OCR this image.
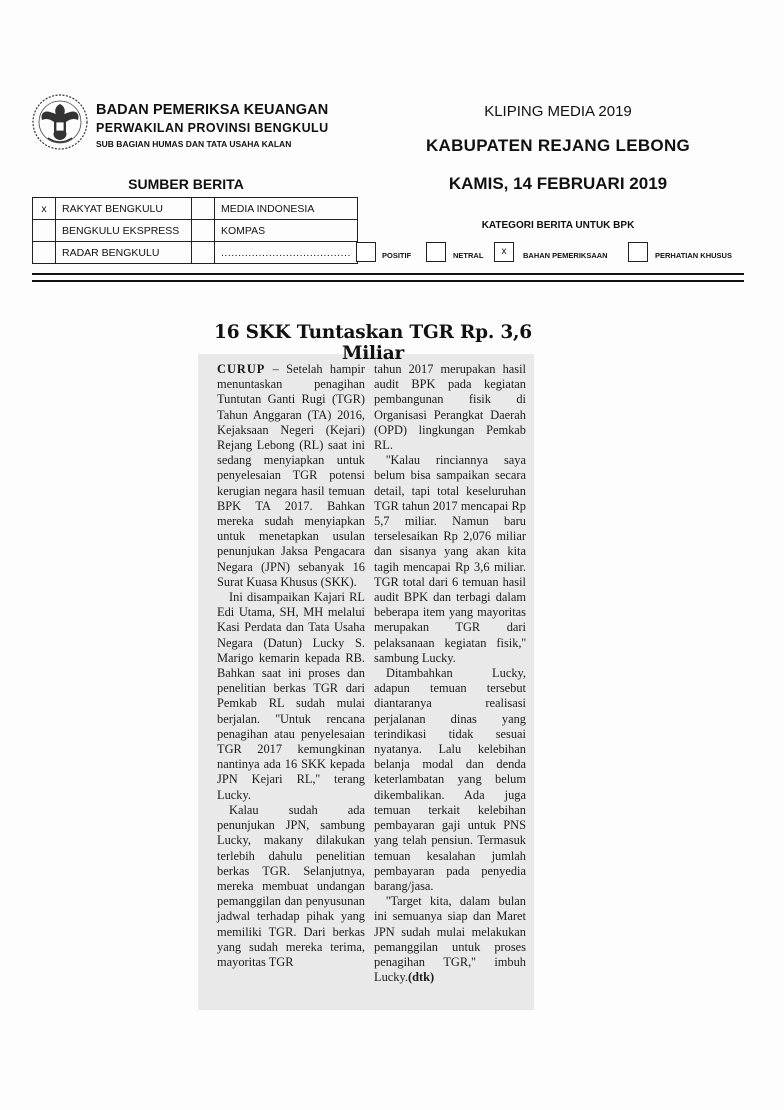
BADAN PEMERIKSA KEUANGAN
PERWAKILAN PROVINSI BENGKULU
SUB BAGIAN HUMAS DAN TATA USAHA KALAN
KLIPING MEDIA 2019
KABUPATEN REJANG LEBONG
KAMIS, 14 FEBRUARI 2019
SUMBER BERITA
x	RAKYAT BENGKULU		MEDIA INDONESIA
	BENGKULU EKSPRESS		KOMPAS
	RADAR BENGKULU		......................................
KATEGORI BERITA UNTUK BPK
POSITIF	NETRAL	x	BAHAN PEMERIKSAAN	PERHATIAN KHUSUS
16 SKK Tuntaskan TGR Rp. 3,6 Miliar

CURUP – Setelah hampir menuntaskan penagihan Tuntutan Ganti Rugi (TGR) Tahun Anggaran (TA) 2016, Kejaksaan Negeri (Kejari) Rejang Lebong (RL) saat ini sedang menyiapkan untuk penyelesaian TGR potensi kerugian negara hasil temuan BPK TA 2017. Bahkan mereka sudah menyiapkan untuk menetapkan usulan penunjukan Jaksa Pengacara Negara (JPN) sebanyak 16 Surat Kuasa Khusus (SKK).

Ini disampaikan Kajari RL Edi Utama, SH, MH melalui Kasi Perdata dan Tata Usaha Negara (Datun) Lucky S. Marigo kemarin kepada RB. Bahkan saat ini proses dan penelitian berkas TGR dari Pemkab RL sudah mulai berjalan. ''Untuk rencana penagihan atau penyelesaian TGR 2017 kemungkinan nantinya ada 16 SKK kepada JPN Kejari RL,'' terang Lucky.

Kalau sudah ada penunjukan JPN, sambung Lucky, makany dilakukan terlebih dahulu penelitian berkas TGR. Selanjutnya, mereka membuat undangan pemanggilan dan penyusunan jadwal terhadap pihak yang memiliki TGR. Dari berkas yang sudah mereka terima, mayoritas TGR

tahun 2017 merupakan hasil audit BPK pada kegiatan pembangunan fisik di Organisasi Perangkat Daerah (OPD) lingkungan Pemkab RL.

''Kalau rinciannya saya belum bisa sampaikan secara detail, tapi total keseluruhan TGR tahun 2017 mencapai Rp 5,7 miliar. Namun baru terselesaikan Rp 2,076 miliar dan sisanya yang akan kita tagih mencapai Rp 3,6 miliar. TGR total dari 6 temuan hasil audit BPK dan terbagi dalam beberapa item yang mayoritas merupakan TGR dari pelaksanaan kegiatan fisik,'' sambung Lucky.

Ditambahkan Lucky, adapun temuan tersebut diantaranya realisasi perjalanan dinas yang terindikasi tidak sesuai nyatanya. Lalu kelebihan belanja modal dan denda keterlambatan yang belum dikembalikan. Ada juga temuan terkait kelebihan pembayaran gaji untuk PNS yang telah pensiun. Termasuk temuan kesalahan jumlah pembayaran pada penyedia barang/jasa.

''Target kita, dalam bulan ini semuanya siap dan Maret JPN sudah mulai melakukan pemanggilan untuk proses penagihan TGR,'' imbuh Lucky.(dtk)
